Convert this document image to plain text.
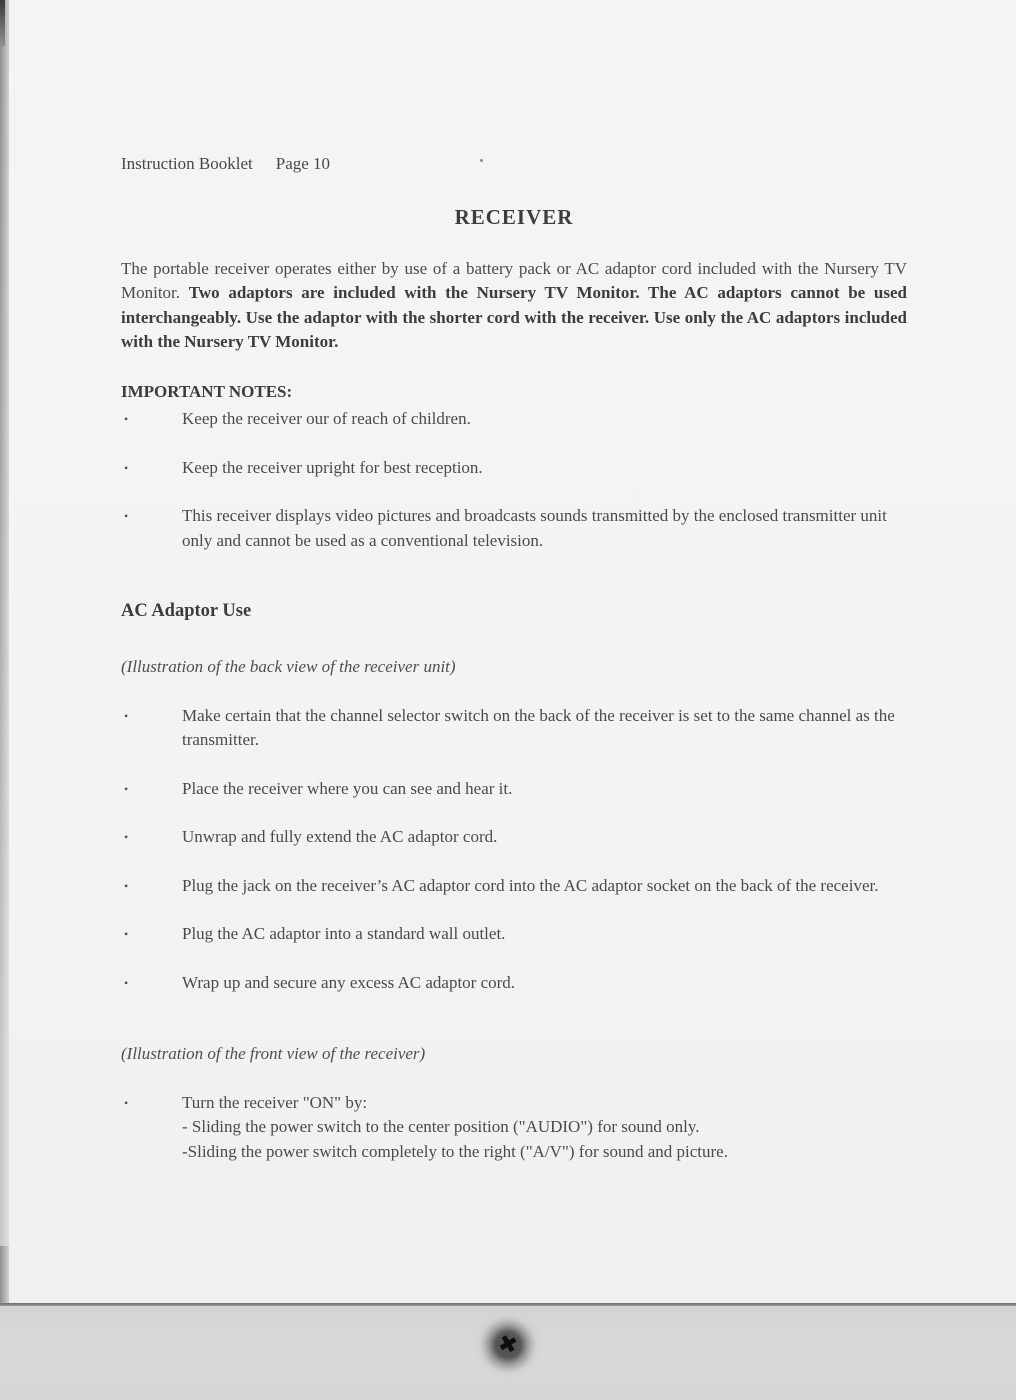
Instruction Booklet Page 10
RECEIVER

The portable receiver operates either by use of a battery pack or AC adaptor cord included with the Nursery TV Monitor. Two adaptors are included with the Nursery TV Monitor. The AC adaptors cannot be used interchangeably. Use the adaptor with the shorter cord with the receiver. Use only the AC adaptors included with the Nursery TV Monitor.

IMPORTANT NOTES:
•	Keep the receiver our of reach of children.
•	Keep the receiver upright for best reception.
•	This receiver displays video pictures and broadcasts sounds transmitted by the enclosed transmitter unit only and cannot be used as a conventional television.
AC Adaptor Use
(Illustration of the back view of the receiver unit)
•	Make certain that the channel selector switch on the back of the receiver is set to the same channel as the transmitter.
•	Place the receiver where you can see and hear it.
•	Unwrap and fully extend the AC adaptor cord.
•	Plug the jack on the receiver’s AC adaptor cord into the AC adaptor socket on the back of the receiver.
•	Plug the AC adaptor into a standard wall outlet.
•	Wrap up and secure any excess AC adaptor cord.
(Illustration of the front view of the receiver)
•	Turn the receiver "ON" by:
- Sliding the power switch to the center position ("AUDIO") for sound only.
-Sliding the power switch completely to the right ("A/V") for sound and picture.
✖
